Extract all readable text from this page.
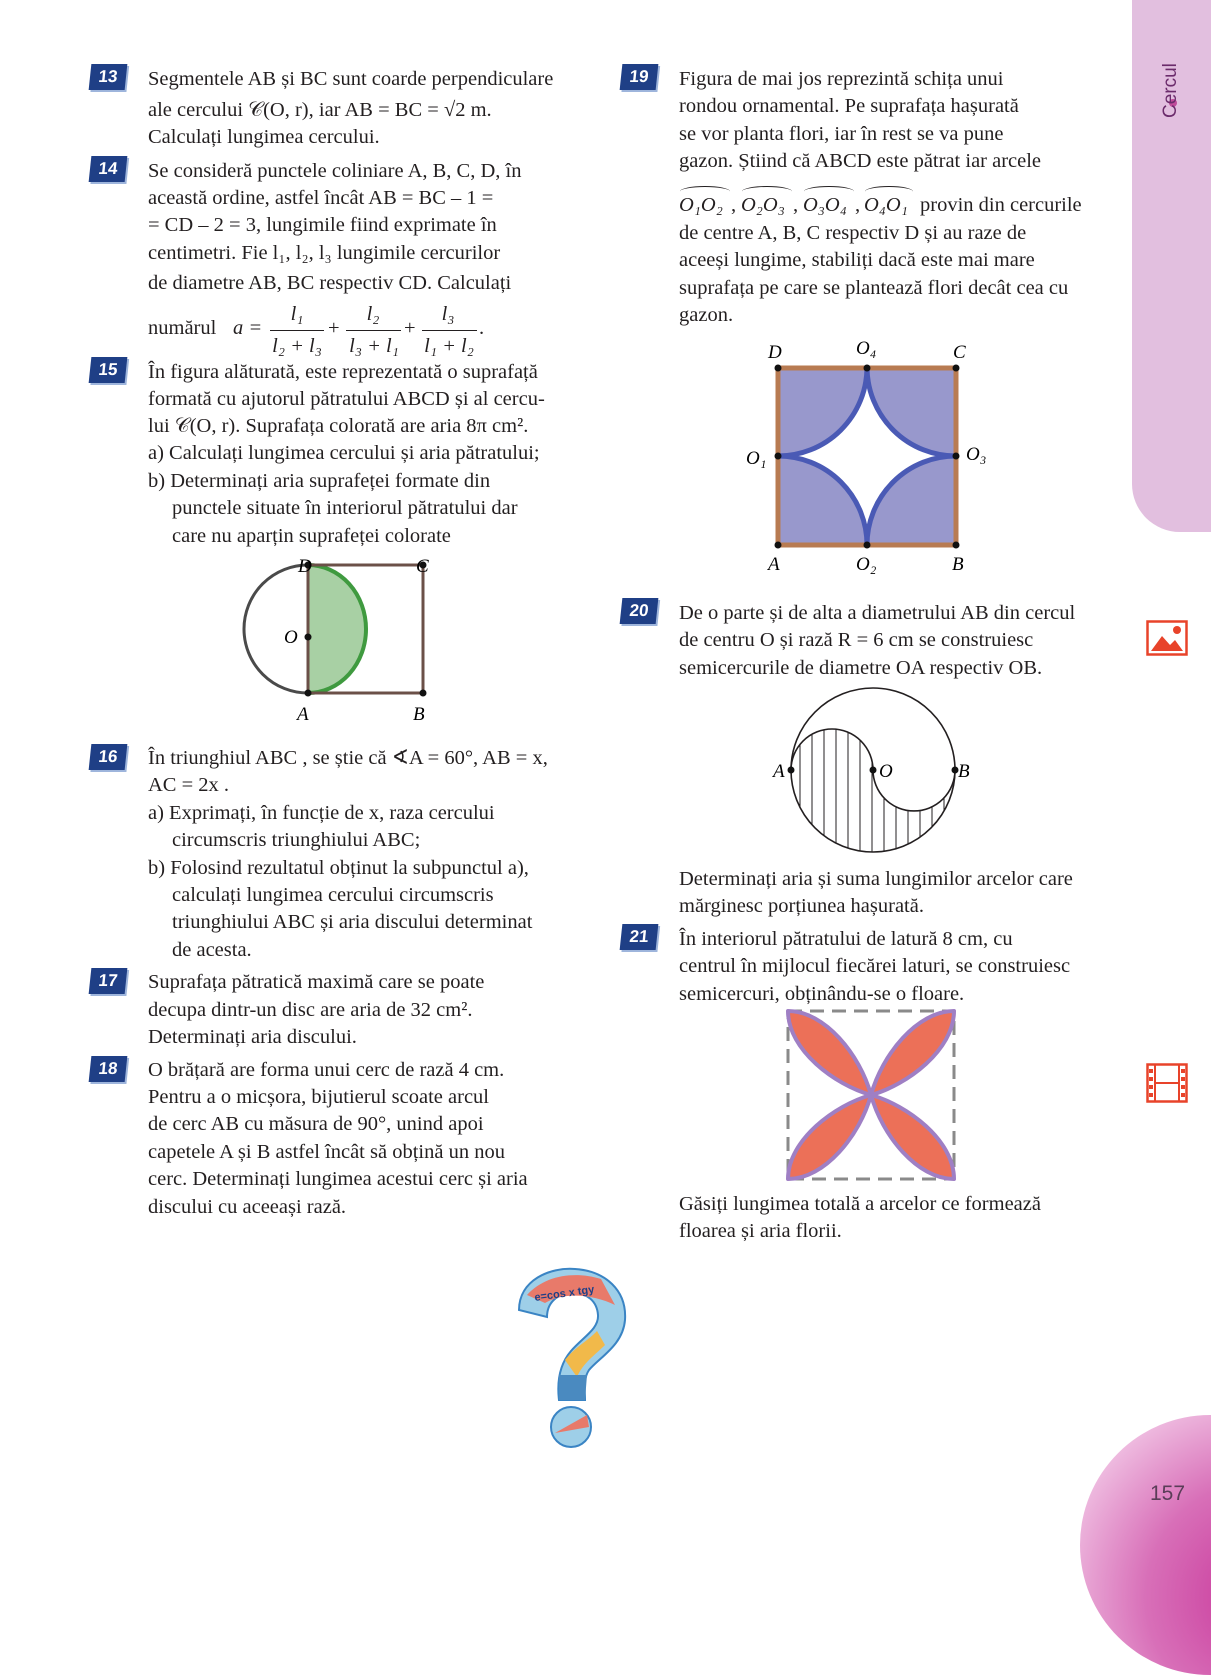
Cercul
157
13	Segmentele AB și BC sunt coarde perpendiculare
ale cercului 𝒞(O, r), iar AB = BC = √2 m.
Calculați lungimea cercului.
14	Se consideră punctele coliniare A, B, C, D, în
această ordine, astfel încât AB = BC – 1 =
= CD – 2 = 3, lungimile fiind exprimate în
centimetri. Fie l₁, l₂, l₃ lungimile cercurilor
de diametre AB, BC respectiv CD. Calculați
numărul a =
l₁
l₂ + l₃
+
l₂
l₃ + l₁
+
l₃
l₁ + l₂
.
15	În figura alăturată, este reprezentată o suprafață
formată cu ajutorul pătratului ABCD și al cercu-
lui 𝒞(O, r). Suprafața colorată are aria 8π cm².
a) Calculați lungimea cercului și aria pătratului;
b) Determinați aria suprafeței formate din
punctele situate în interiorul pătratului dar
care nu aparțin suprafeței colorate
D	C
O
A	B
16	În triunghiul ABC , se știe că ∢A = 60°, AB = x,
AC = 2x .
a) Exprimați, în funcție de x, raza cercului
circumscris triunghiului ABC;
b) Folosind rezultatul obținut la subpunctul a),
calculați lungimea cercului circumscris
triunghiului ABC și aria discului determinat
de acesta.
17	Suprafața pătratică maximă care se poate
decupa dintr-un disc are aria de 32 cm².
Determinați aria discului.
18	O brățară are forma unui cerc de rază 4 cm.
Pentru a o micșora, bijutierul scoate arcul
de cerc AB cu măsura de 90°, unind apoi
capetele A și B astfel încât să obțină un nou
cerc. Determinați lungimea acestui cerc și aria
discului cu aceeași rază.
19	Figura de mai jos reprezintă schița unui
rondou ornamental. Pe suprafața hașurată
se vor planta flori, iar în rest se va pune
gazon. Știind că ABCD este pătrat iar arcele
O₁O₂ , O₂O₃ , O₃O₄ , O₄O₁ provin din cercurile
de centre A, B, C respectiv D și au raze de
aceeși lungime, stabiliți dacă este mai mare
suprafața pe care se plantează flori decât cea cu
gazon.
D	O₄	C
O₁	O₃
A	O₂	B
20	De o parte și de alta a diametrului AB din cercul
de centru O și rază R = 6 cm se construiesc
semicercurile de diametre OA respectiv OB.
A	O	B
Determinați aria și suma lungimilor arcelor care
mărginesc porțiunea hașurată.
21	În interiorul pătratului de latură 8 cm, cu
centrul în mijlocul fiecărei laturi, se construiesc
semicercuri, obținându-se o floare.
Găsiți lungimea totală a arcelor ce formează
floarea și aria florii.
e=cos x tgy
